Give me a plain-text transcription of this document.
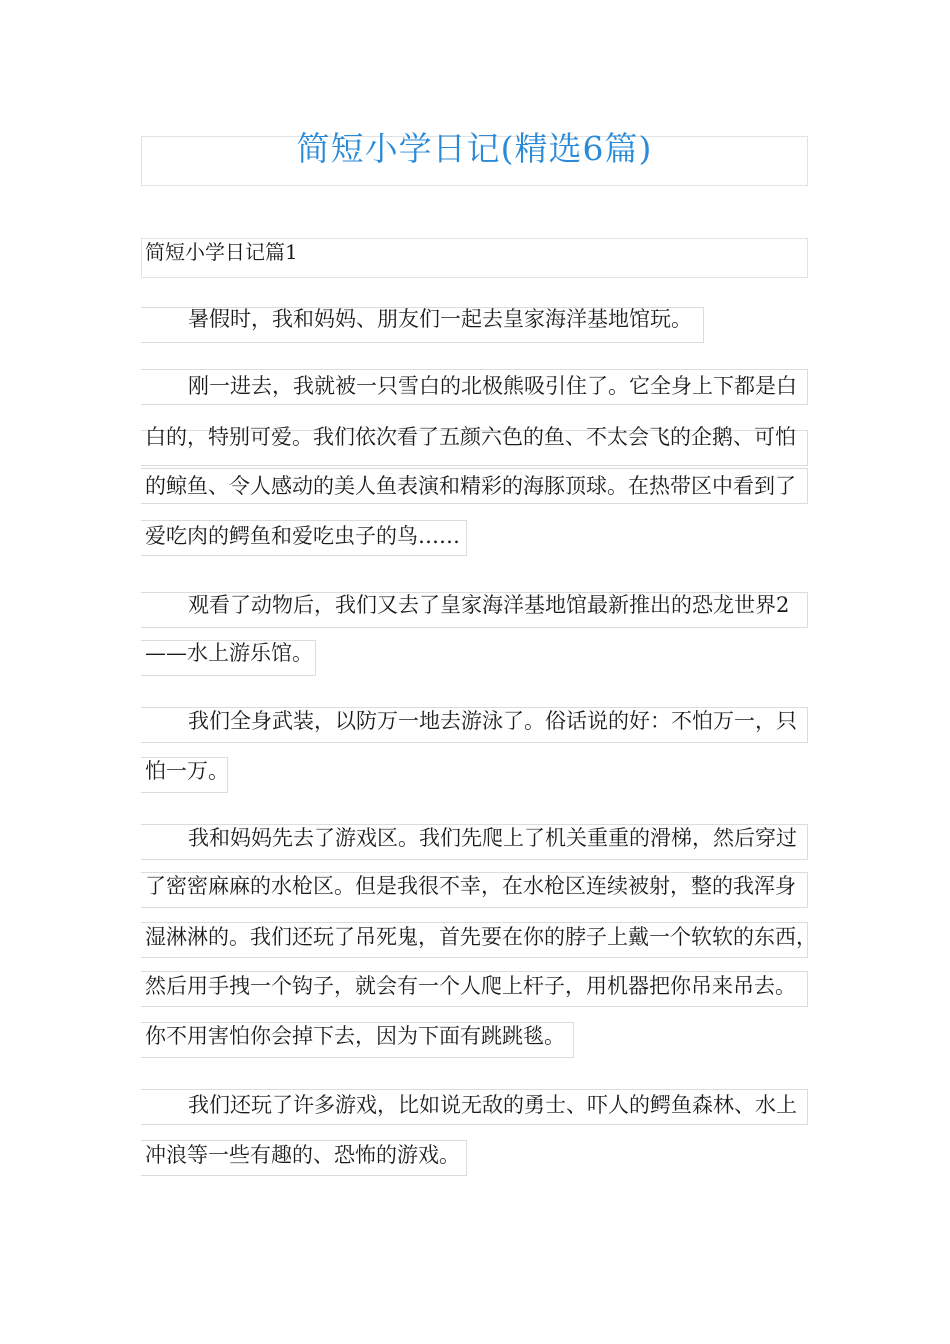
简短小学日记(精选6篇)
简短小学日记篇1
暑假时，我和妈妈、朋友们一起去皇家海洋基地馆玩。
刚一进去，我就被一只雪白的北极熊吸引住了。它全身上下都是白
白的，特别可爱。我们依次看了五颜六色的鱼、不太会飞的企鹅、可怕
的鲸鱼、令人感动的美人鱼表演和精彩的海豚顶球。在热带区中看到了
爱吃肉的鳄鱼和爱吃虫子的鸟……
观看了动物后，我们又去了皇家海洋基地馆最新推出的恐龙世界2
——水上游乐馆。
我们全身武装，以防万一地去游泳了。俗话说的好：不怕万一，只
怕一万。
我和妈妈先去了游戏区。我们先爬上了机关重重的滑梯，然后穿过
了密密麻麻的水枪区。但是我很不幸，在水枪区连续被射，整的我浑身
湿淋淋的。我们还玩了吊死鬼，首先要在你的脖子上戴一个软软的东西，
然后用手拽一个钩子，就会有一个人爬上杆子，用机器把你吊来吊去。
你不用害怕你会掉下去，因为下面有跳跳毯。
我们还玩了许多游戏，比如说无敌的勇士、吓人的鳄鱼森林、水上
冲浪等一些有趣的、恐怖的游戏。
